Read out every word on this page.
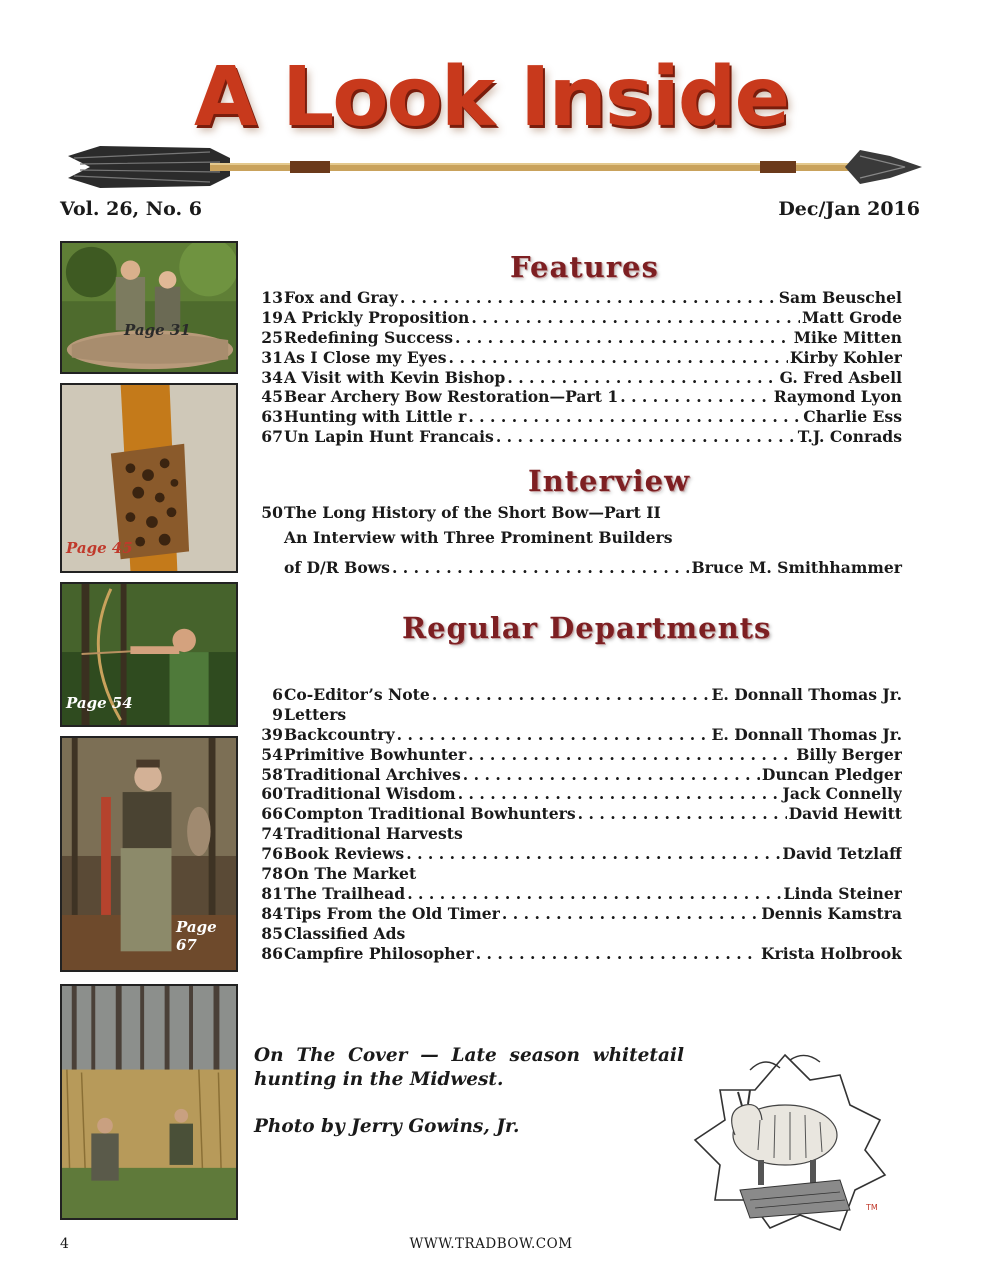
A Look Inside
Vol. 26, No. 6	Dec/Jan 2016
Page 31
Page 45
Page 54
Page 67
Features
13 Fox and Gray . . .	Sam Beuschel
19 A Prickly Proposition . . .	Matt Grode
25 Redefining Success . . .	Mike Mitten
31 As I Close my Eyes . . .	Kirby Kohler
34 A Visit with Kevin Bishop . . .	G. Fred Asbell
45 Bear Archery Bow Restoration—Part 1 . . .	Raymond Lyon
63 Hunting with Little r . . .	Charlie Ess
67 Un Lapin Hunt Francais . . .	T.J. Conrads
Interview
50 The Long History of the Short Bow—Part II
An Interview with Three Prominent Builders
of D/R Bows . . .	Bruce M. Smithhammer
Regular Departments
6 Co-Editor’s Note . . .	E. Donnall Thomas Jr.
9 Letters
39 Backcountry . . .	E. Donnall Thomas Jr.
54 Primitive Bowhunter . . .	Billy Berger
58 Traditional Archives . . .	Duncan Pledger
60 Traditional Wisdom . . .	Jack Connelly
66 Compton Traditional Bowhunters . . .	David Hewitt
74 Traditional Harvests
76 Book Reviews . . .	David Tetzlaff
78 On The Market
81 The Trailhead . . .	Linda Steiner
84 Tips From the Old Timer . . .	Dennis Kamstra
85 Classified Ads
86 Campfire Philosopher . . .	Krista Holbrook
On The Cover — Late season whitetail hunting in the Midwest.
Photo by Jerry Gowins, Jr.
TM
4	WWW.TRADBOW.COM
